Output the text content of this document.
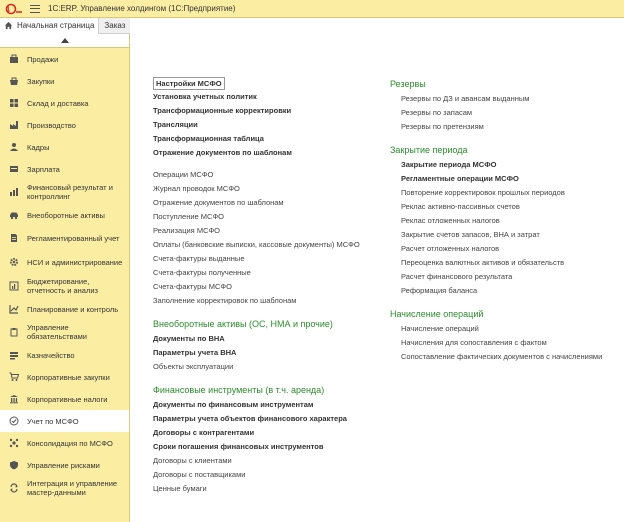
1	1С:ERP. Управление холдингом (1С:Предприятие)
Начальная страница	Заказ
Продажи
Закупки
Склад и доставка
Производство
Кадры
Зарплата
Финансовый результат и контроллинг
Внеоборотные активы
Регламентированный учет
НСИ и администрирование
Бюджетирование, отчетность и анализ
Планирование и контроль
Управление обязательствами
Казначейство
Корпоративные закупки
Корпоративные налоги
Учет по МСФО
Консолидация по МСФО
Управление рисками
Интеграция и управление мастер-данными
Настройки МСФО
Установка учетных политик
Трансформационные корректировки
Трансляции
Трансформационная таблица
Отражение документов по шаблонам
Операции МСФО
Журнал проводок МСФО
Отражение документов по шаблонам
Поступление МСФО
Реализация МСФО
Оплаты (банковские выписки, кассовые документы) МСФО
Счета-фактуры выданные
Счета-фактуры полученные
Счета-фактуры МСФО
Заполнение корректировок по шаблонам
Внеоборотные активы (ОС, НМА и прочие)
Документы по ВНА
Параметры учета ВНА
Объекты эксплуатации
Финансовые инструменты (в т.ч. аренда)
Документы по финансовым инструментам
Параметры учета объектов финансового характера
Договоры с контрагентами
Сроки погашения финансовых инструментов
Договоры с клиентами
Договоры с поставщиками
Ценные бумаги
Резервы
Резервы по ДЗ и авансам выданным
Резервы по запасам
Резервы по претензиям
Закрытие периода
Закрытие периода МСФО
Регламентные операции МСФО
Повторение корректировок прошлых периодов
Реклас активно-пассивных счетов
Реклас отложенных налогов
Закрытие счетов запасов, ВНА и затрат
Расчет отложенных налогов
Переоценка валютных активов и обязательств
Расчет финансового результата
Реформация баланса
Начисление операций
Начисление операций
Начисления для сопоставления с фактом
Сопоставление фактических документов с начислениями
